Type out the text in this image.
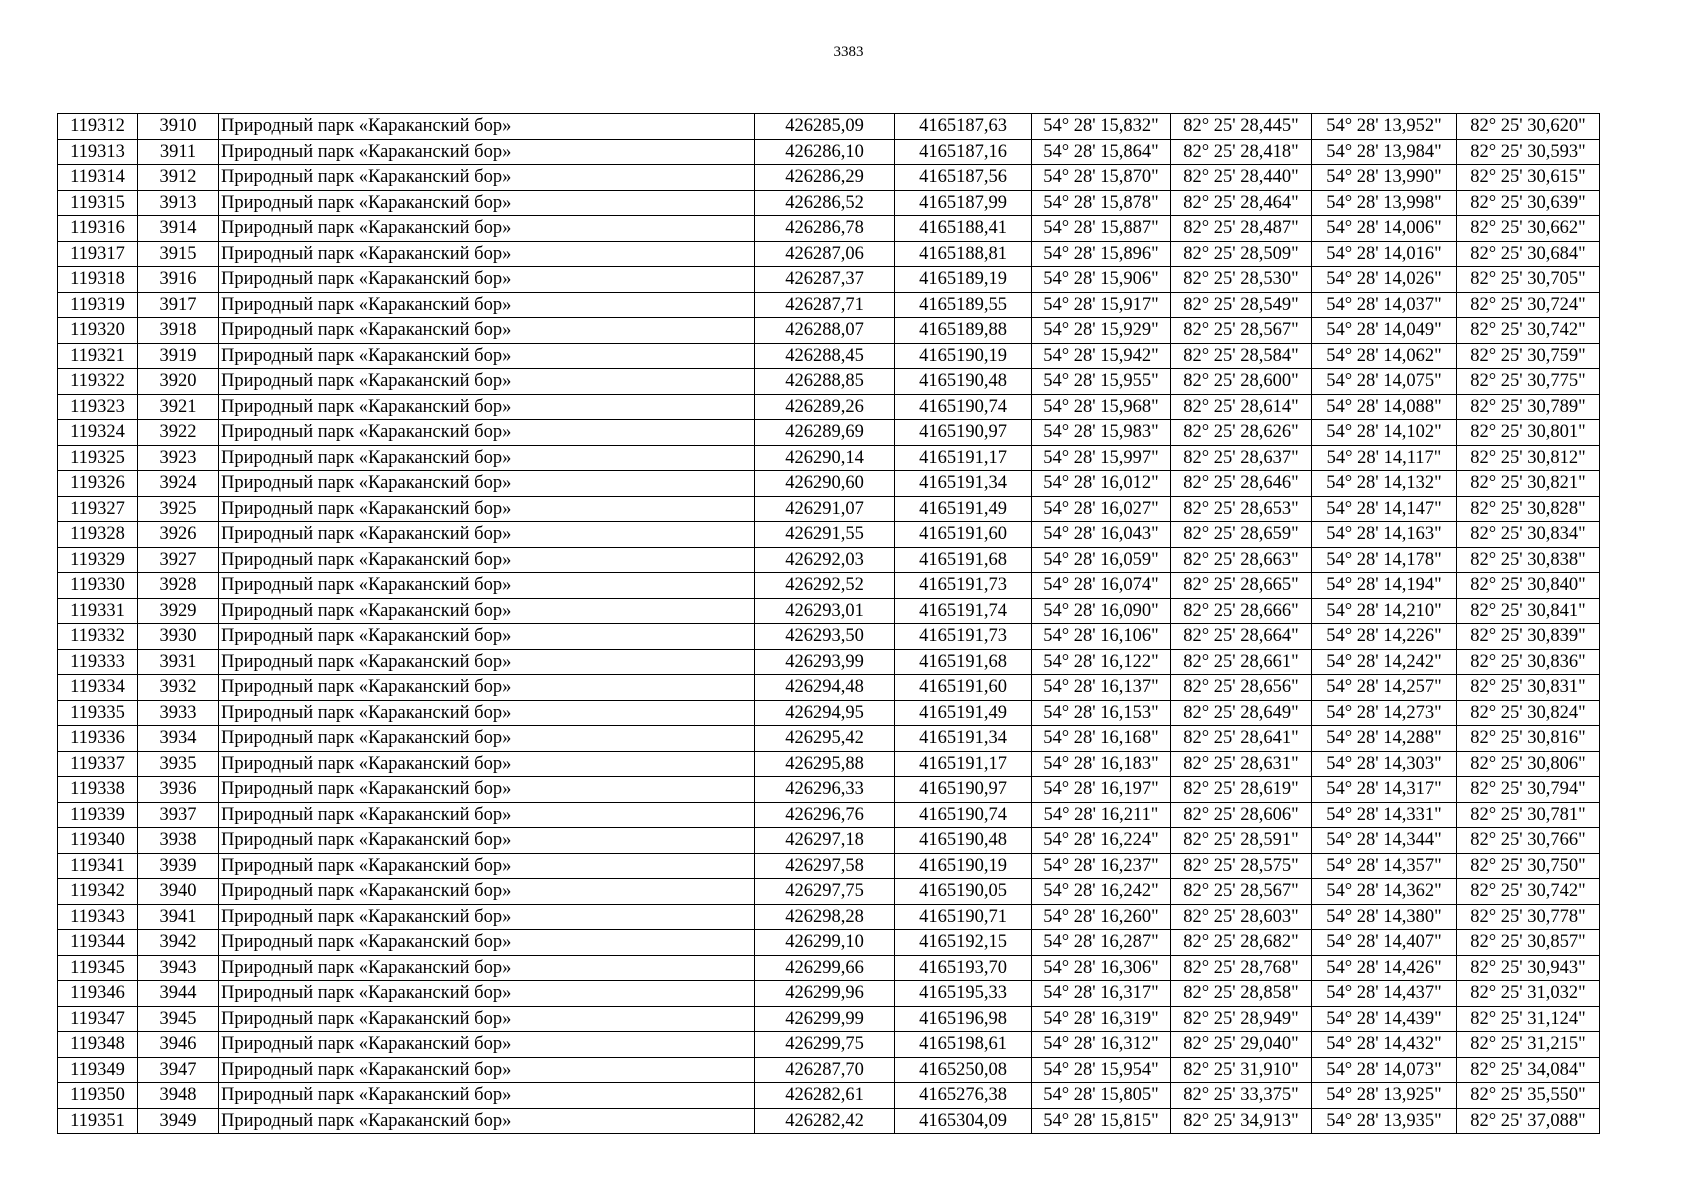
3383
119312	3910	Природный парк «Караканский бор»	426285,09	4165187,63	54° 28' 15,832"	82° 25' 28,445"	54° 28' 13,952"	82° 25' 30,620"
119313	3911	Природный парк «Караканский бор»	426286,10	4165187,16	54° 28' 15,864"	82° 25' 28,418"	54° 28' 13,984"	82° 25' 30,593"
119314	3912	Природный парк «Караканский бор»	426286,29	4165187,56	54° 28' 15,870"	82° 25' 28,440"	54° 28' 13,990"	82° 25' 30,615"
119315	3913	Природный парк «Караканский бор»	426286,52	4165187,99	54° 28' 15,878"	82° 25' 28,464"	54° 28' 13,998"	82° 25' 30,639"
119316	3914	Природный парк «Караканский бор»	426286,78	4165188,41	54° 28' 15,887"	82° 25' 28,487"	54° 28' 14,006"	82° 25' 30,662"
119317	3915	Природный парк «Караканский бор»	426287,06	4165188,81	54° 28' 15,896"	82° 25' 28,509"	54° 28' 14,016"	82° 25' 30,684"
119318	3916	Природный парк «Караканский бор»	426287,37	4165189,19	54° 28' 15,906"	82° 25' 28,530"	54° 28' 14,026"	82° 25' 30,705"
119319	3917	Природный парк «Караканский бор»	426287,71	4165189,55	54° 28' 15,917"	82° 25' 28,549"	54° 28' 14,037"	82° 25' 30,724"
119320	3918	Природный парк «Караканский бор»	426288,07	4165189,88	54° 28' 15,929"	82° 25' 28,567"	54° 28' 14,049"	82° 25' 30,742"
119321	3919	Природный парк «Караканский бор»	426288,45	4165190,19	54° 28' 15,942"	82° 25' 28,584"	54° 28' 14,062"	82° 25' 30,759"
119322	3920	Природный парк «Караканский бор»	426288,85	4165190,48	54° 28' 15,955"	82° 25' 28,600"	54° 28' 14,075"	82° 25' 30,775"
119323	3921	Природный парк «Караканский бор»	426289,26	4165190,74	54° 28' 15,968"	82° 25' 28,614"	54° 28' 14,088"	82° 25' 30,789"
119324	3922	Природный парк «Караканский бор»	426289,69	4165190,97	54° 28' 15,983"	82° 25' 28,626"	54° 28' 14,102"	82° 25' 30,801"
119325	3923	Природный парк «Караканский бор»	426290,14	4165191,17	54° 28' 15,997"	82° 25' 28,637"	54° 28' 14,117"	82° 25' 30,812"
119326	3924	Природный парк «Караканский бор»	426290,60	4165191,34	54° 28' 16,012"	82° 25' 28,646"	54° 28' 14,132"	82° 25' 30,821"
119327	3925	Природный парк «Караканский бор»	426291,07	4165191,49	54° 28' 16,027"	82° 25' 28,653"	54° 28' 14,147"	82° 25' 30,828"
119328	3926	Природный парк «Караканский бор»	426291,55	4165191,60	54° 28' 16,043"	82° 25' 28,659"	54° 28' 14,163"	82° 25' 30,834"
119329	3927	Природный парк «Караканский бор»	426292,03	4165191,68	54° 28' 16,059"	82° 25' 28,663"	54° 28' 14,178"	82° 25' 30,838"
119330	3928	Природный парк «Караканский бор»	426292,52	4165191,73	54° 28' 16,074"	82° 25' 28,665"	54° 28' 14,194"	82° 25' 30,840"
119331	3929	Природный парк «Караканский бор»	426293,01	4165191,74	54° 28' 16,090"	82° 25' 28,666"	54° 28' 14,210"	82° 25' 30,841"
119332	3930	Природный парк «Караканский бор»	426293,50	4165191,73	54° 28' 16,106"	82° 25' 28,664"	54° 28' 14,226"	82° 25' 30,839"
119333	3931	Природный парк «Караканский бор»	426293,99	4165191,68	54° 28' 16,122"	82° 25' 28,661"	54° 28' 14,242"	82° 25' 30,836"
119334	3932	Природный парк «Караканский бор»	426294,48	4165191,60	54° 28' 16,137"	82° 25' 28,656"	54° 28' 14,257"	82° 25' 30,831"
119335	3933	Природный парк «Караканский бор»	426294,95	4165191,49	54° 28' 16,153"	82° 25' 28,649"	54° 28' 14,273"	82° 25' 30,824"
119336	3934	Природный парк «Караканский бор»	426295,42	4165191,34	54° 28' 16,168"	82° 25' 28,641"	54° 28' 14,288"	82° 25' 30,816"
119337	3935	Природный парк «Караканский бор»	426295,88	4165191,17	54° 28' 16,183"	82° 25' 28,631"	54° 28' 14,303"	82° 25' 30,806"
119338	3936	Природный парк «Караканский бор»	426296,33	4165190,97	54° 28' 16,197"	82° 25' 28,619"	54° 28' 14,317"	82° 25' 30,794"
119339	3937	Природный парк «Караканский бор»	426296,76	4165190,74	54° 28' 16,211"	82° 25' 28,606"	54° 28' 14,331"	82° 25' 30,781"
119340	3938	Природный парк «Караканский бор»	426297,18	4165190,48	54° 28' 16,224"	82° 25' 28,591"	54° 28' 14,344"	82° 25' 30,766"
119341	3939	Природный парк «Караканский бор»	426297,58	4165190,19	54° 28' 16,237"	82° 25' 28,575"	54° 28' 14,357"	82° 25' 30,750"
119342	3940	Природный парк «Караканский бор»	426297,75	4165190,05	54° 28' 16,242"	82° 25' 28,567"	54° 28' 14,362"	82° 25' 30,742"
119343	3941	Природный парк «Караканский бор»	426298,28	4165190,71	54° 28' 16,260"	82° 25' 28,603"	54° 28' 14,380"	82° 25' 30,778"
119344	3942	Природный парк «Караканский бор»	426299,10	4165192,15	54° 28' 16,287"	82° 25' 28,682"	54° 28' 14,407"	82° 25' 30,857"
119345	3943	Природный парк «Караканский бор»	426299,66	4165193,70	54° 28' 16,306"	82° 25' 28,768"	54° 28' 14,426"	82° 25' 30,943"
119346	3944	Природный парк «Караканский бор»	426299,96	4165195,33	54° 28' 16,317"	82° 25' 28,858"	54° 28' 14,437"	82° 25' 31,032"
119347	3945	Природный парк «Караканский бор»	426299,99	4165196,98	54° 28' 16,319"	82° 25' 28,949"	54° 28' 14,439"	82° 25' 31,124"
119348	3946	Природный парк «Караканский бор»	426299,75	4165198,61	54° 28' 16,312"	82° 25' 29,040"	54° 28' 14,432"	82° 25' 31,215"
119349	3947	Природный парк «Караканский бор»	426287,70	4165250,08	54° 28' 15,954"	82° 25' 31,910"	54° 28' 14,073"	82° 25' 34,084"
119350	3948	Природный парк «Караканский бор»	426282,61	4165276,38	54° 28' 15,805"	82° 25' 33,375"	54° 28' 13,925"	82° 25' 35,550"
119351	3949	Природный парк «Караканский бор»	426282,42	4165304,09	54° 28' 15,815"	82° 25' 34,913"	54° 28' 13,935"	82° 25' 37,088"
